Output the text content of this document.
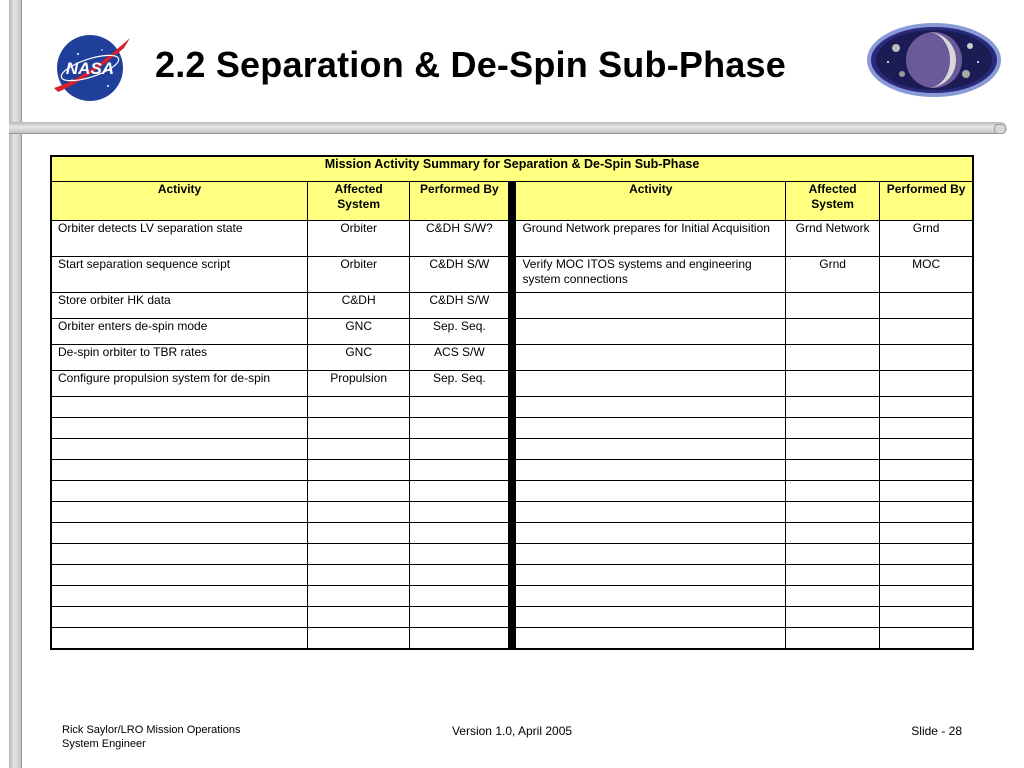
NASA 2.2 Separation & De-Spin Sub-Phase
Mission Activity Summary for Separation & De-Spin Sub-Phase						
Activity	Affected System	Performed By		Activity	Affected System	Performed By
Orbiter detects LV separation state	Orbiter	C&DH S/W?		Ground Network prepares for Initial Acquisition	Grnd Network	Grnd
Start separation sequence script	Orbiter	C&DH S/W		Verify MOC ITOS systems and engineering system connections	Grnd	MOC
Store orbiter HK data	C&DH	C&DH S/W				
Orbiter enters de-spin mode	GNC	Sep. Seq.				
De-spin orbiter to TBR rates	GNC	ACS S/W				
Configure propulsion system for de-spin	Propulsion	Sep. Seq.				

Rick Saylor/LRO Mission Operations
System Engineer
Version 1.0, April 2005	Slide - 28
